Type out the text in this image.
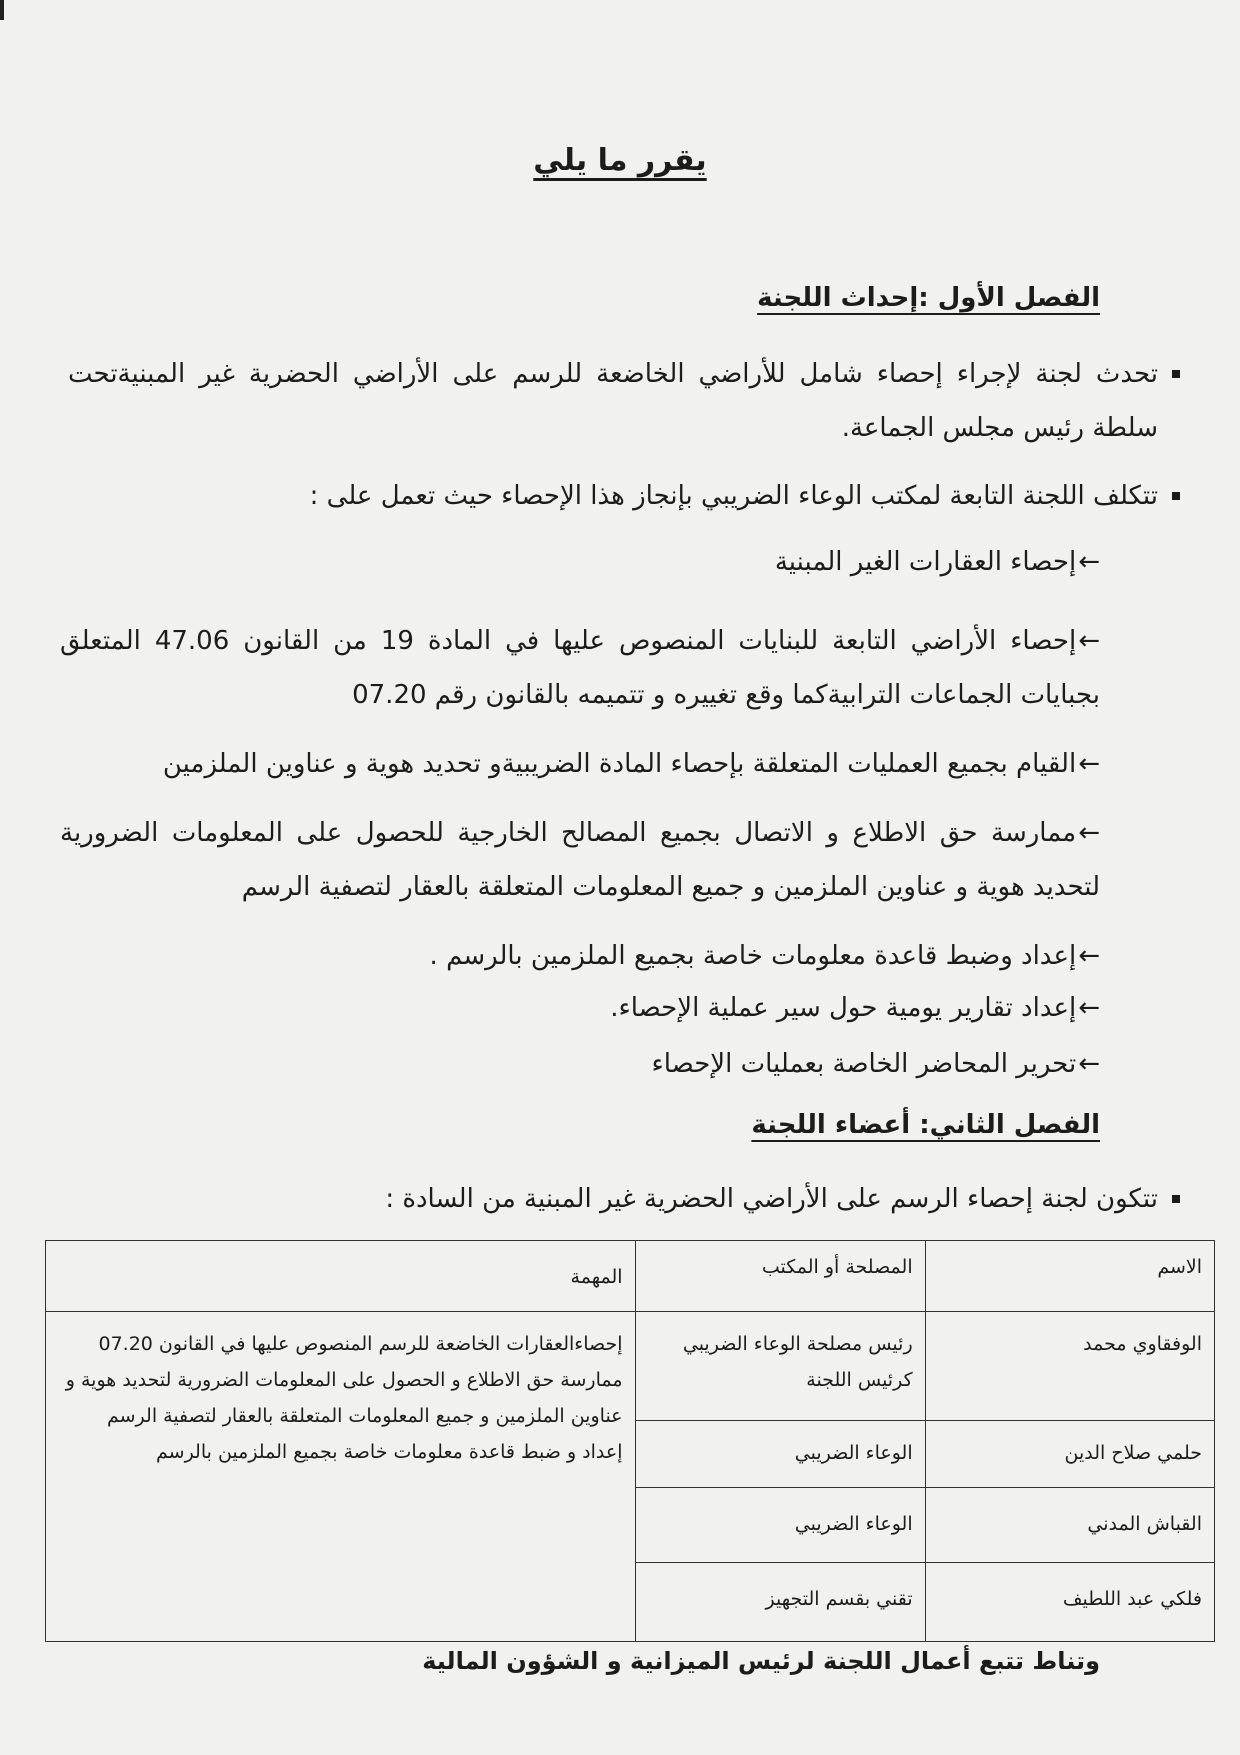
يقرر ما يلي
الفصل الأول :إحداث اللجنة
تحدث لجنة لإجراء إحصاء شامل للأراضي الخاضعة للرسم على الأراضي الحضرية غير المبنيةتحت سلطة رئيس مجلس الجماعة.
تتكلف اللجنة التابعة لمكتب الوعاء الضريبي بإنجاز هذا الإحصاء حيث تعمل على :
←إحصاء العقارات الغير المبنية
←إحصاء الأراضي التابعة للبنايات المنصوص عليها في المادة 19 من القانون 47.06 المتعلق بجبايات الجماعات الترابيةكما وقع تغييره و تتميمه بالقانون رقم 07.20
←القيام بجميع العمليات المتعلقة بإحصاء المادة الضريبيةو تحديد هوية و عناوين الملزمين
←ممارسة حق الاطلاع و الاتصال بجميع المصالح الخارجية للحصول على المعلومات الضرورية لتحديد هوية و عناوين الملزمين و جميع المعلومات المتعلقة بالعقار لتصفية الرسم
←إعداد وضبط قاعدة معلومات خاصة بجميع الملزمين بالرسم .
←إعداد تقارير يومية حول سير عملية الإحصاء.
←تحرير المحاضر الخاصة بعمليات الإحصاء
الفصل الثاني: أعضاء اللجنة
تتكون لجنة إحصاء الرسم على الأراضي الحضرية غير المبنية من السادة :
الاسم	المصلحة أو المكتب	المهمة
الوفقاوي محمد	رئيس مصلحة الوعاء الضريبي كرئيس اللجنة	إحصاءالعقارات الخاضعة للرسم المنصوص عليها في القانون 07.20
ممارسة حق الاطلاع و الحصول على المعلومات الضرورية لتحديد هوية و عناوين الملزمين و جميع المعلومات المتعلقة بالعقار لتصفية الرسم
إعداد و ضبط قاعدة معلومات خاصة بجميع الملزمين بالرسم

حلمي صلاح الدين	الوعاء الضريبي	
القباش المدني	الوعاء الضريبي	
فلكي عبد اللطيف	تقني بقسم التجهيز	
وتناط تتبع أعمال اللجنة لرئيس الميزانية و الشؤون المالية
